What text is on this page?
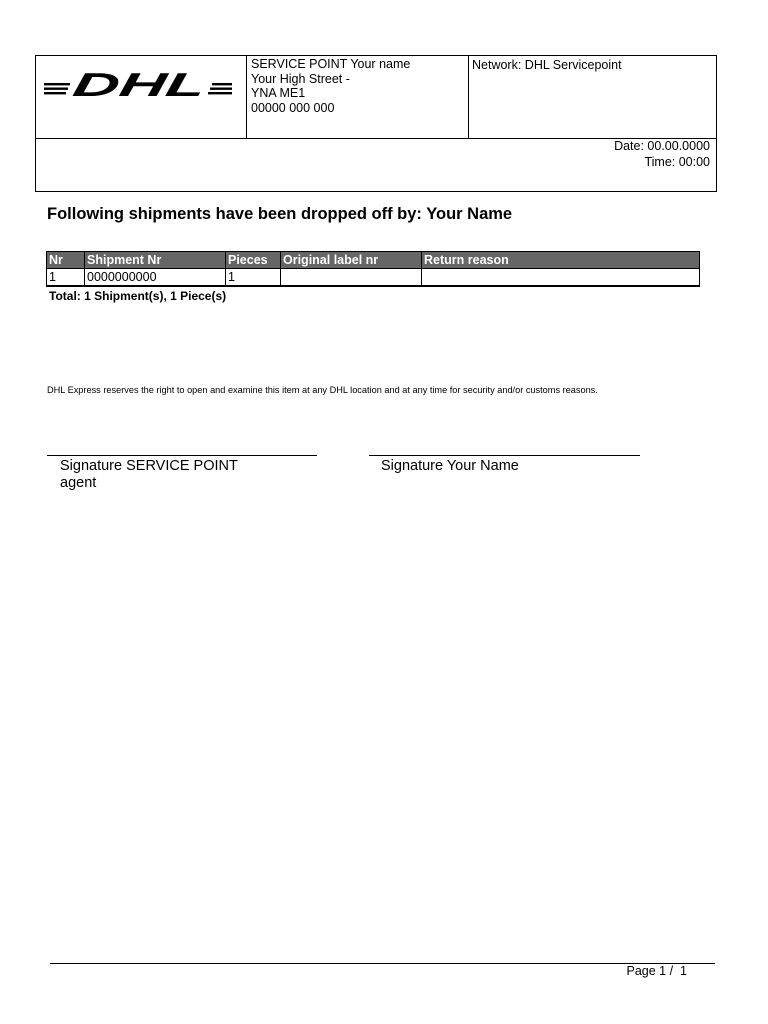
DHL
SERVICE POINT Your name
Your High Street -
YNA ME1
00000 000 000
Network: DHL Servicepoint
Date: 00.00.0000
Time: 00:00
Following shipments have been dropped off by: Your Name
Nr	Shipment Nr	Pieces	Original label nr	Return reason
1	0000000000	1		
Total: 1 Shipment(s), 1 Piece(s)
DHL Express reserves the right to open and examine this item at any DHL location and at any time for security and/or customs reasons.
Signature SERVICE POINT
agent
Signature Your Name
Page 1 / 1
